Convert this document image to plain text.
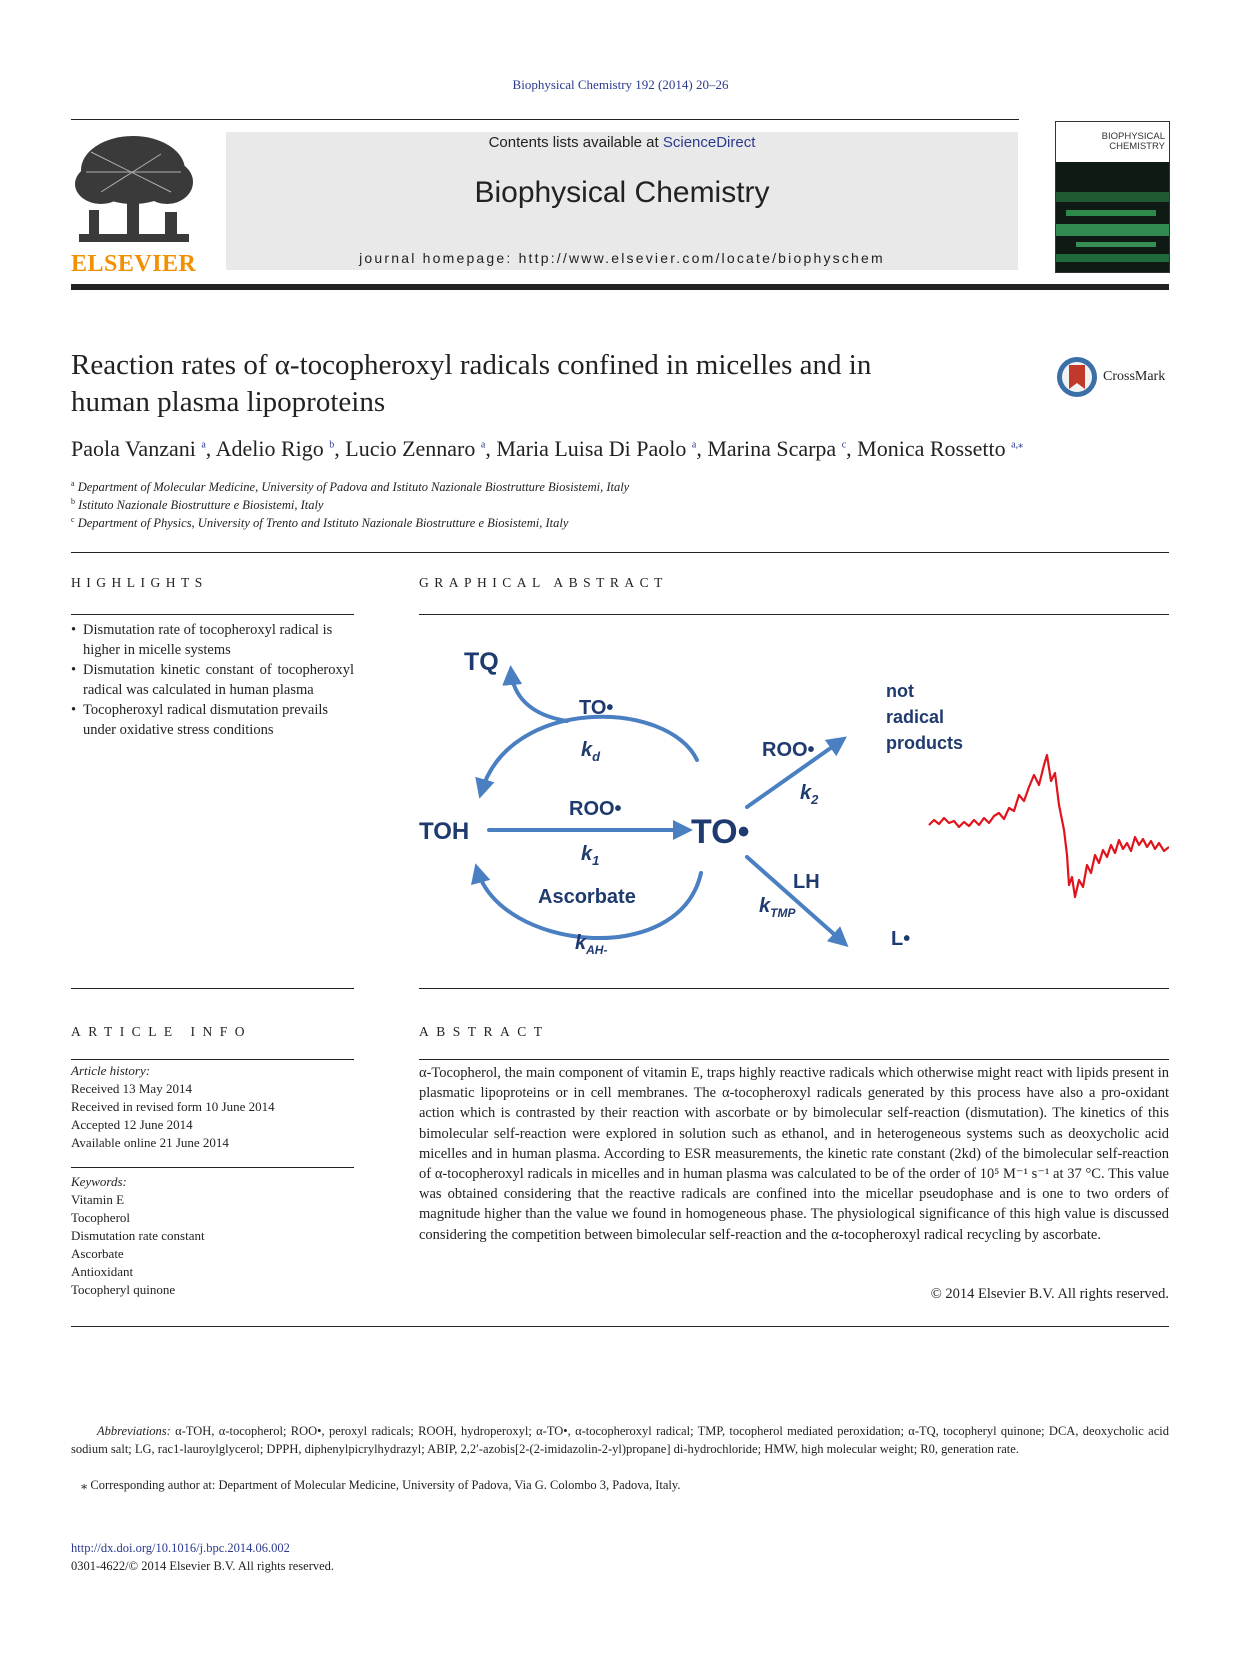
Biophysical Chemistry 192 (2014) 20–26
ELSEVIER
Contents lists available at ScienceDirect
Biophysical Chemistry
journal homepage: http://www.elsevier.com/locate/biophyschem
BIOPHYSICAL
CHEMISTRY
Reaction rates of α-tocopheroxyl radicals confined in micelles and in
human plasma lipoproteins
CrossMark
Paola Vanzani $^a$, Adelio Rigo $^b$, Lucio Zennaro $^a$, Maria Luisa Di Paolo $^a$, Marina Scarpa $^c$, Monica Rossetto $^{a,⁎}$
$^a$ Department of Molecular Medicine, University of Padova and Istituto Nazionale Biostrutture Biosistemi, Italy
$^b$ Istituto Nazionale Biostrutture e Biosistemi, Italy
$^c$ Department of Physics, University of Trento and Istituto Nazionale Biostrutture e Biosistemi, Italy
HIGHLIGHTS

• Dismutation rate of tocopheroxyl radical is higher in micelle systems

• Dismutation kinetic constant of tocopheroxyl radical was calculated in human plasma

• Tocopheroxyl radical dismutation prevails under oxidative stress conditions

GRAPHICAL ABSTRACT
TQ
TO•
$k_d$
TOH
ROO•
$k_1$
TO•
Ascorbate
$k_{AH-}$
ROO•
$k_2$
not
radical
products
LH
$k_{TMP}$
L•
ARTICLE INFO
Article history:
Received 13 May 2014
Received in revised form 10 June 2014
Accepted 12 June 2014
Available online 21 June 2014
Keywords:
Vitamin E
Tocopherol
Dismutation rate constant
Ascorbate
Antioxidant
Tocopheryl quinone
ABSTRACT
α-Tocopherol, the main component of vitamin E, traps highly reactive radicals which otherwise might react with lipids present in plasmatic lipoproteins or in cell membranes. The α-tocopheroxyl radicals generated by this process have also a pro-oxidant action which is contrasted by their reaction with ascorbate or by bimolecular self-reaction (dismutation). The kinetics of this bimolecular self-reaction were explored in solution such as ethanol, and in heterogeneous systems such as deoxycholic acid micelles and in human plasma. According to ESR measurements, the kinetic rate constant (2kd) of the bimolecular self-reaction of α-tocopheroxyl radicals in micelles and in human plasma was calculated to be of the order of 10⁵ M⁻¹ s⁻¹ at 37 °C. This value was obtained considering that the reactive radicals are confined into the micellar pseudophase and is one to two orders of magnitude higher than the value we found in homogeneous phase. The physiological significance of this high value is discussed considering the competition between bimolecular self-reaction and the α-tocopheroxyl radical recycling by ascorbate.
© 2014 Elsevier B.V. All rights reserved.
Abbreviations: α-TOH, α-tocopherol; ROO•, peroxyl radicals; ROOH, hydroperoxyl; α-TO•, α-tocopheroxyl radical; TMP, tocopherol mediated peroxidation; α-TQ, tocopheryl quinone; DCA, deoxycholic acid sodium salt; LG, rac1-lauroylglycerol; DPPH, diphenylpicrylhydrazyl; ABIP, 2,2′-azobis[2-(2-imidazolin-2-yl)propane] di-hydrochloride; HMW, high molecular weight; R0, generation rate.
⁎ Corresponding author at: Department of Molecular Medicine, University of Padova, Via G. Colombo 3, Padova, Italy.
http://dx.doi.org/10.1016/j.bpc.2014.06.002
0301-4622/© 2014 Elsevier B.V. All rights reserved.
